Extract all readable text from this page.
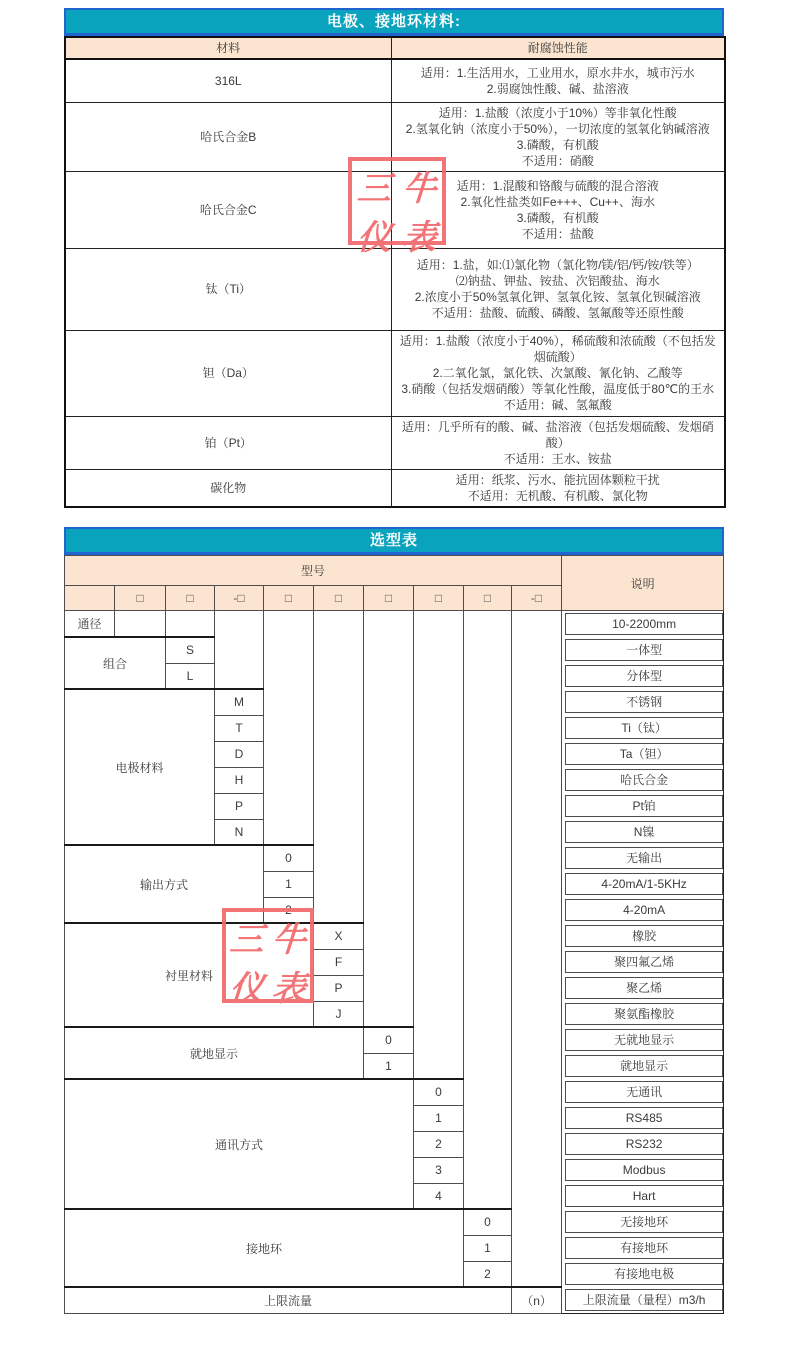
电极、接地环材料:
材料	耐腐蚀性能
316L	适用：1.生活用水，工业用水，原水井水，城市污水
2.弱腐蚀性酸、碱、盐溶液

哈氏合金B	适用：1.盐酸（浓度小于10%）等非氧化性酸
2.氢氧化钠（浓度小于50%），一切浓度的氢氧化钠碱溶液
3.磷酸，有机酸
不适用：硝酸

哈氏合金C	适用：1.混酸和铬酸与硫酸的混合溶液
2.氧化性盐类如Fe+++、Cu++、海水
3.磷酸，有机酸
不适用：盐酸

钛（Ti）	适用：1.盐，如:⑴氯化物（氯化物/镁/铝/钙/铵/铁等）
⑵钠盐、钾盐、铵盐、次铝酸盐、海水
2.浓度小于50%氢氧化钾、氢氧化铵、氢氧化钡碱溶液
不适用：盐酸、硫酸、磷酸、氢氟酸等还原性酸

钽（Da）	适用：1.盐酸（浓度小于40%），稀硫酸和浓硫酸（不包括发烟硫酸）
2.二氧化氯，氯化铁、次氯酸、氰化钠、乙酸等
3.硝酸（包括发烟硝酸）等氧化性酸，温度低于80℃的王水
不适用：碱、氢氟酸

铂（Pt）	适用：几乎所有的酸、碱、盐溶液（包括发烟硫酸、发烟硝酸）
不适用：王水、铵盐

碳化物	适用：纸浆、污水、能抗固体颗粒干扰
不适用：无机酸、有机酸、氯化物
选型表
型号										说明
	□	□	-□	□	□	□	□	□	-□	
通径										10-2200mm

组合		S								一体型

		L								分体型

电极材料			M							不锈钢

			T							Ti（钛）

			D							Ta（钽）

			H							哈氏合金

			P							Pt铂

			N							N镍

输出方式				0						无输出

				1						4-20mA/1-5KHz

				2						4-20mA

衬里材料					X					橡胶

					F					聚四氟乙烯

					P					聚乙烯

					J					聚氨酯橡胶

就地显示						0				无就地显示

						1				就地显示

通讯方式							0			无通讯

							1			RS485

							2			RS232

							3			Modbus

							4			Hart

接地环								0		无接地环

								1		有接地环

								2		有接地电极

上限流量									（n）	上限流量（量程）m3/h
三 牛
仪 表
三 牛
仪 表
